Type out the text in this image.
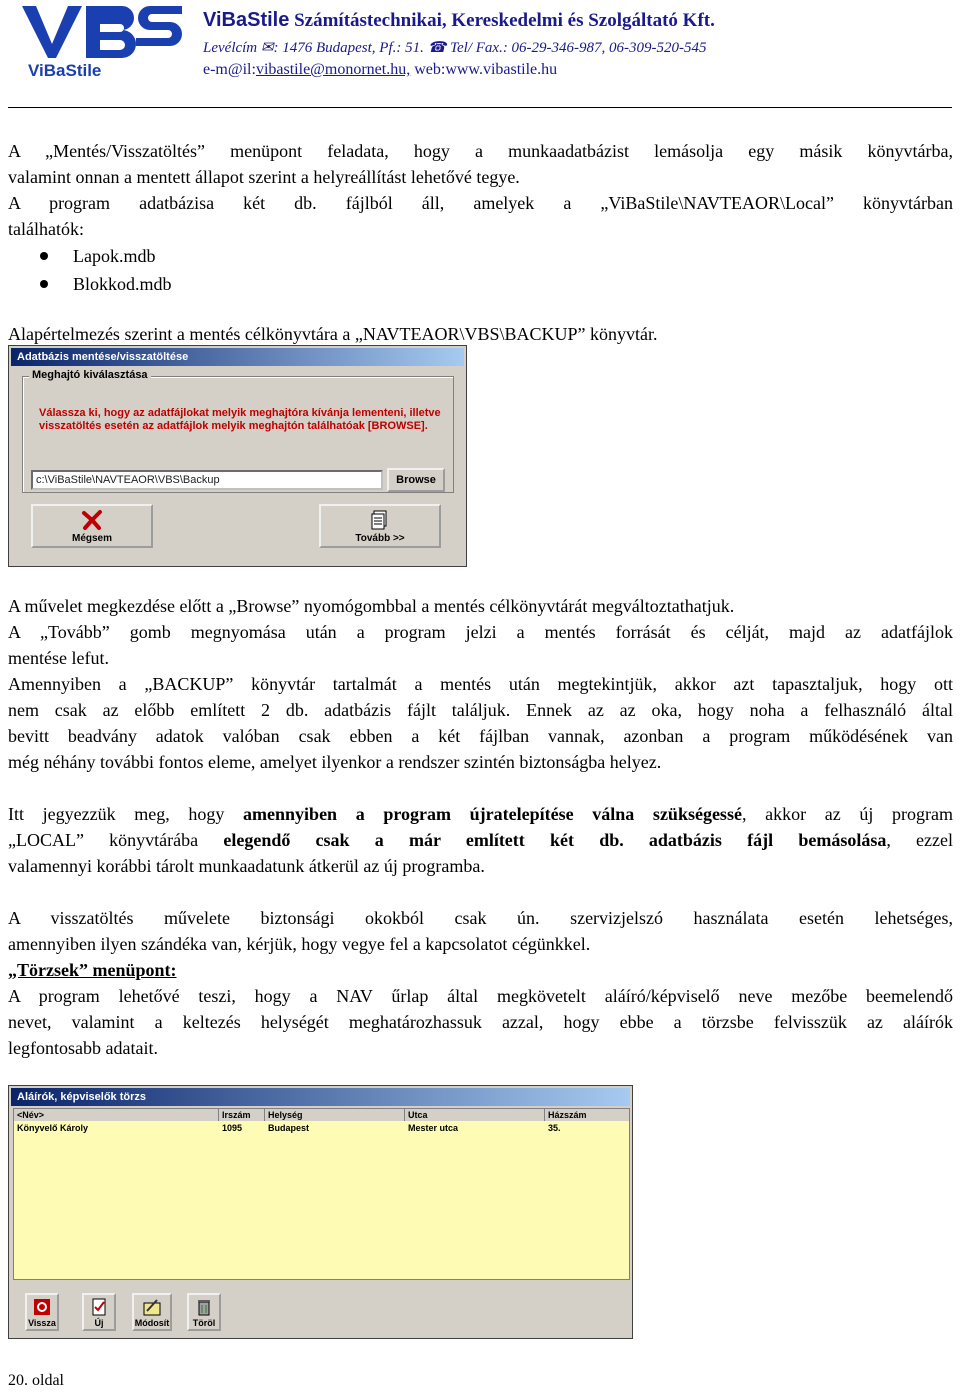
ViBaStile
ViBaStile Számítástechnikai, Kereskedelmi és Szolgáltató Kft.
Levélcím ✉: 1476 Budapest, Pf.: 51. ☎ Tel/ Fax.: 06-29-346-987, 06-309-520-545
e-m@il:vibastile@monornet.hu, web:www.vibastile.hu
A „Mentés/Visszatöltés” menüpont feladata, hogy a munkaadatbázist lemásolja egy másik könyvtárba,
valamint onnan a mentett állapot szerint a helyreállítást lehetővé tegye.
A program adatbázisa két db. fájlból áll, amelyek a „ViBaStile\NAVTEAOR\Local” könyvtárban
találhatók:
Lapok.mdb
Blokkod.mdb
Alapértelmezés szerint a mentés célkönyvtára a „NAVTEAOR\VBS\BACKUP” könyvtár.
Adatbázis mentése/visszatöltése
Meghajtó kiválasztása
Válassza ki, hogy az adatfájlokat melyik meghajtóra kívánja lementeni, illetve
visszatöltés esetén az adatfájlok melyik meghajtón találhatóak [BROWSE].
c:\ViBaStile\NAVTEAOR\VBS\Backup	Browse
Mégsem	Tovább >>
A művelet megkezdése előtt a „Browse” nyomógombbal a mentés célkönyvtárát megváltoztathatjuk.
A „Tovább” gomb megnyomása után a program jelzi a mentés forrását és célját, majd az adatfájlok
mentése lefut.
Amennyiben a „BACKUP” könyvtár tartalmát a mentés után megtekintjük, akkor azt tapasztaljuk, hogy ott
nem csak az előbb említett 2 db. adatbázis fájlt találjuk. Ennek az az oka, hogy noha a felhasználó által
bevitt beadvány adatok valóban csak ebben a két fájlban vannak, azonban a program működésének van
még néhány további fontos eleme, amelyet ilyenkor a rendszer szintén biztonságba helyez.
Itt jegyezzük meg, hogy amennyiben a program újratelepítése válna szükségessé, akkor az új program
„LOCAL” könyvtárába elegendő csak a már említett két db. adatbázis fájl bemásolása, ezzel
valamennyi korábbi tárolt munkaadatunk átkerül az új programba.
A visszatöltés művelete biztonsági okokból csak ún. szervizjelszó használata esetén lehetséges,
amennyiben ilyen szándéka van, kérjük, hogy vegye fel a kapcsolatot cégünkkel.
„Törzsek” menüpont:
A program lehetővé teszi, hogy a NAV űrlap által megkövetelt aláíró/képviselő neve mezőbe beemelendő
nevet, valamint a keltezés helységét meghatározhassuk azzal, hogy ebbe a törzsbe felvisszük az aláírók
legfontosabb adatait.
Aláírók, képviselők törzs
<Név>	Irszám	Helység	Utca	Házszám
Könyvelő Károly	1095	Budapest	Mester utca	35.
Vissza	Új	Módosít	Töröl
20. oldal
